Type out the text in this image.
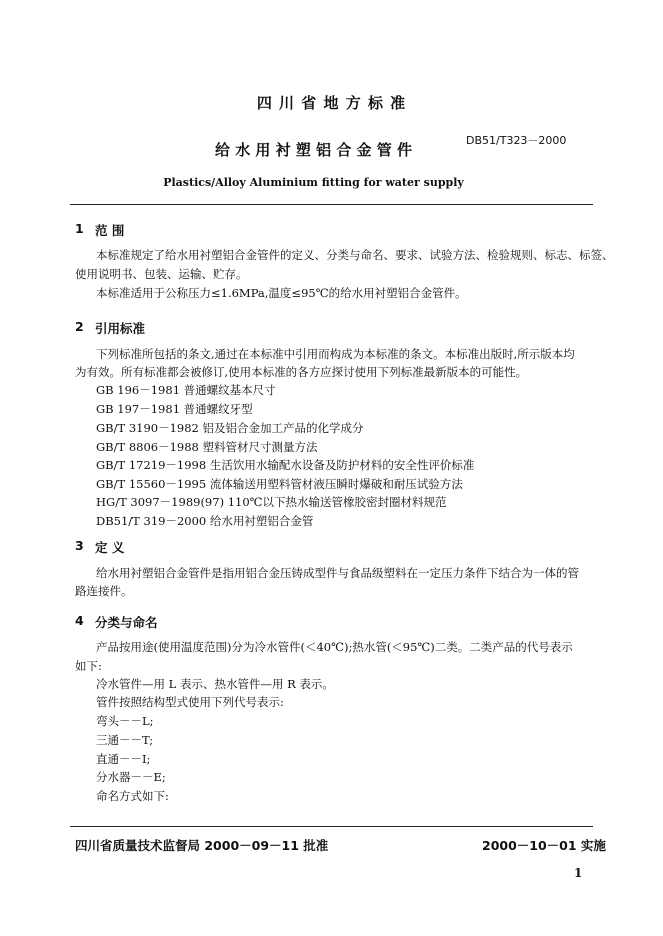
四 川 省 地 方 标 准
给 水 用 衬 塑 铝 合 金 管 件
DB51/T323－2000
Plastics/Alloy Aluminium fitting for water supply
1 范 围
本标准规定了给水用衬塑铝合金管件的定义、分类与命名、要求、试验方法、检验规则、标志、标签、
使用说明书、包装、运输、贮存。
本标准适用于公称压力≤1.6MPa,温度≤95℃的给水用衬塑铝合金管件。
2 引用标准
下列标准所包括的条文,通过在本标准中引用而构成为本标准的条文。本标准出版时,所示版本均
为有效。所有标准都会被修订,使用本标准的各方应探讨使用下列标准最新版本的可能性。
GB 196－1981 普通螺纹基本尺寸
GB 197－1981 普通螺纹牙型
GB/T 3190－1982 铝及铝合金加工产品的化学成分
GB/T 8806－1988 塑料管材尺寸测量方法
GB/T 17219－1998 生活饮用水输配水设备及防护材料的安全性评价标准
GB/T 15560－1995 流体输送用塑料管材液压瞬时爆破和耐压试验方法
HG/T 3097－1989(97) 110℃以下热水输送管橡胶密封圈材料规范
DB51/T 319－2000 给水用衬塑铝合金管
3 定 义
给水用衬塑铝合金管件是指用铝合金压铸成型件与食品级塑料在一定压力条件下结合为一体的管
路连接件。
4 分类与命名
产品按用途(使用温度范围)分为冷水管件(＜40℃);热水管(＜95℃)二类。二类产品的代号表示
如下:
冷水管件—用 L 表示、热水管件—用 R 表示。
管件按照结构型式使用下列代号表示:
弯头－－L;
三通－－T;
直通－－I;
分水器－－E;
命名方式如下:
四川省质量技术监督局 2000－09－11 批准	2000－10－01 实施
1
